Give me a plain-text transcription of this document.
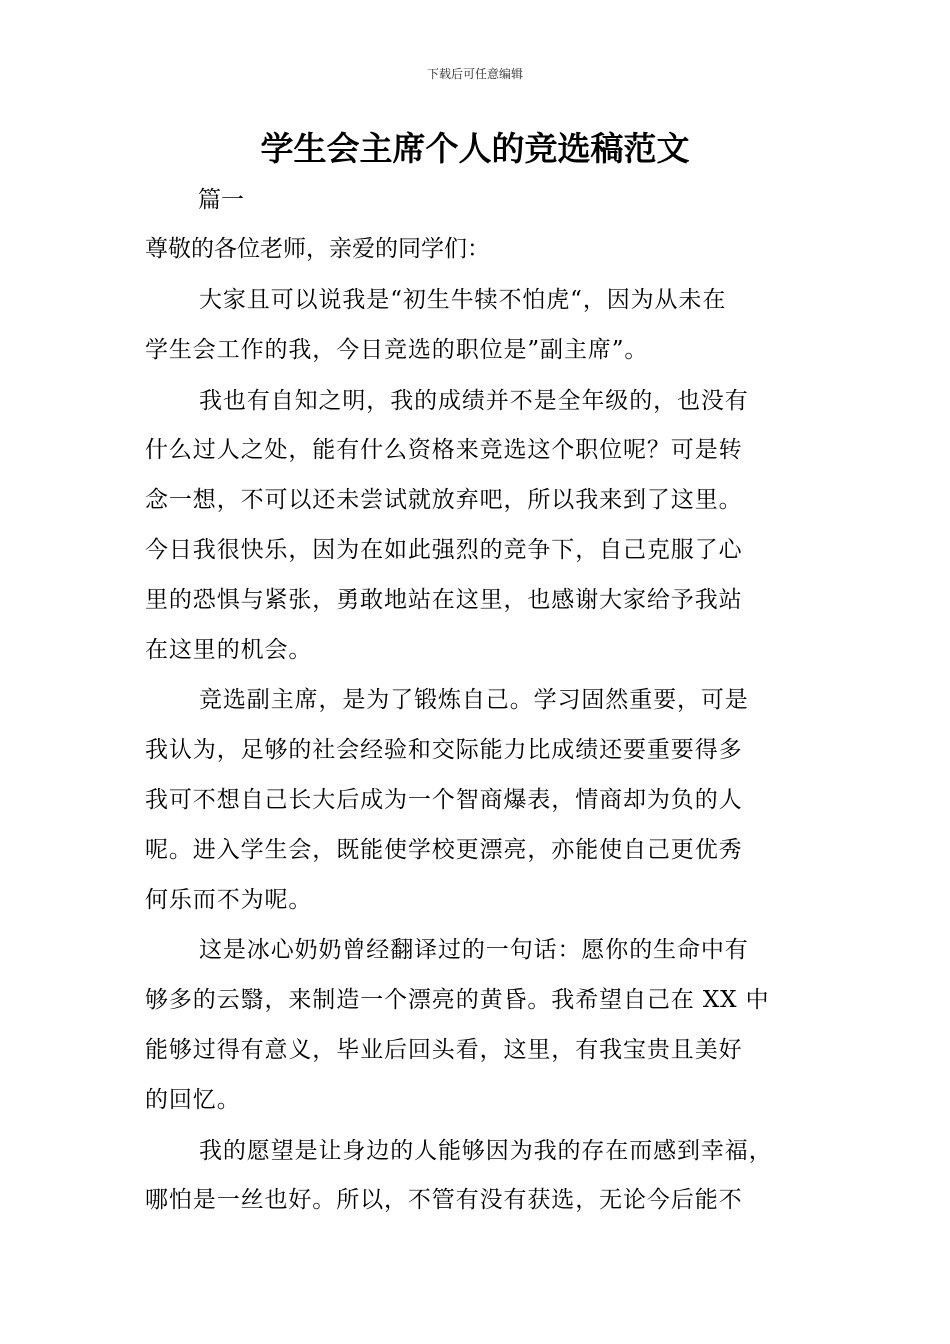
下载后可任意编辑
学生会主席个人的竞选稿范文
篇一
尊敬的各位老师，亲爱的同学们：
大家且可以说我是“初生牛犊不怕虎“，因为从未在
学生会工作的我，今日竞选的职位是”副主席”。
我也有自知之明，我的成绩并不是全年级的，也没有
什么过人之处，能有什么资格来竞选这个职位呢？可是转
念一想，不可以还未尝试就放弃吧，所以我来到了这里。
今日我很快乐，因为在如此强烈的竞争下，自己克服了心
里的恐惧与紧张，勇敢地站在这里，也感谢大家给予我站
在这里的机会。
竞选副主席，是为了锻炼自己。学习固然重要，可是
我认为，足够的社会经验和交际能力比成绩还要重要得多
我可不想自己长大后成为一个智商爆表，情商却为负的人
呢。进入学生会，既能使学校更漂亮，亦能使自己更优秀
何乐而不为呢。
这是冰心奶奶曾经翻译过的一句话：愿你的生命中有
够多的云翳，来制造一个漂亮的黄昏。我希望自己在 XX 中
能够过得有意义，毕业后回头看，这里，有我宝贵且美好
的回忆。
我的愿望是让身边的人能够因为我的存在而感到幸福，
哪怕是一丝也好。所以，不管有没有获选，无论今后能不
